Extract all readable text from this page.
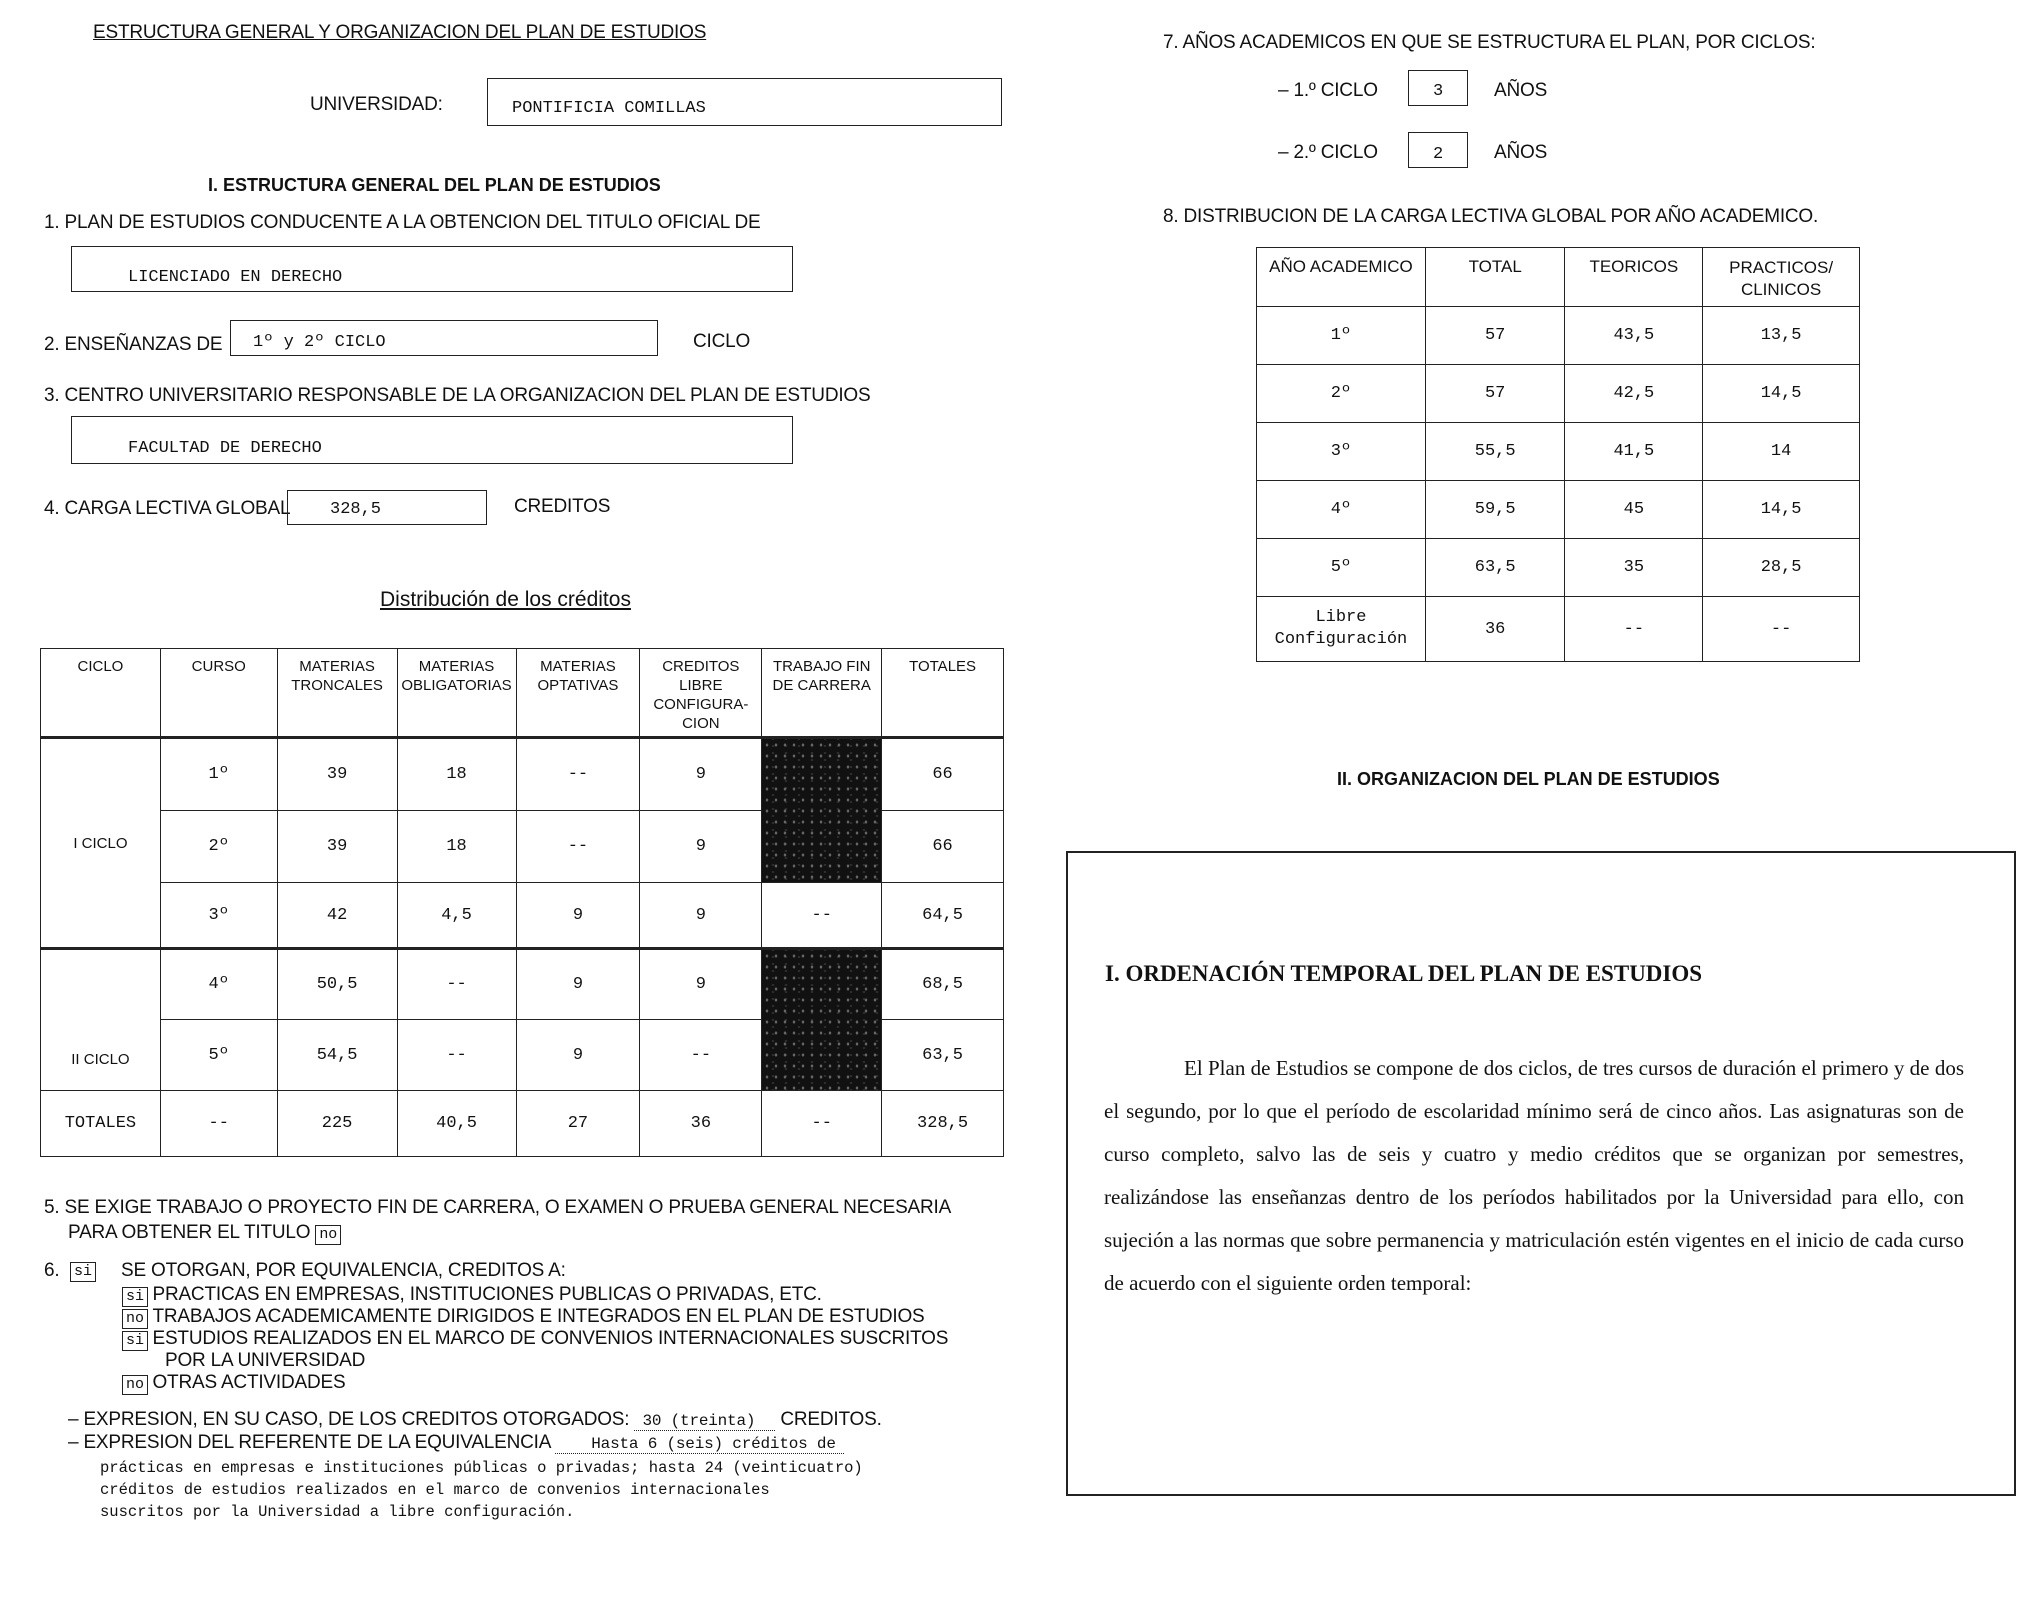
ESTRUCTURA GENERAL Y ORGANIZACION DEL PLAN DE ESTUDIOS
UNIVERSIDAD:	PONTIFICIA COMILLAS
I. ESTRUCTURA GENERAL DEL PLAN DE ESTUDIOS
1. PLAN DE ESTUDIOS CONDUCENTE A LA OBTENCION DEL TITULO OFICIAL DE
LICENCIADO EN DERECHO
2. ENSEÑANZAS DE 1º y 2º CICLO	CICLO
3. CENTRO UNIVERSITARIO RESPONSABLE DE LA ORGANIZACION DEL PLAN DE ESTUDIOS
FACULTAD DE DERECHO
4. CARGA LECTIVA GLOBAL 328,5	CREDITOS
Distribución de los créditos
CICLO	CURSO	MATERIAS TRONCALES	MATERIAS OBLIGATORIAS	MATERIAS OPTATIVAS	CREDITOS LIBRE CONFIGURA-CION	TRABAJO FIN DE CARRERA	TOTALES
I CICLO	1º	39	18	--	9		66
	2º	39	18	--	9		66
	3º	42	4,5	9	9	--	64,5
II CICLO	4º	50,5	--	9	9		68,5
	5º	54,5	--	9	--		63,5
TOTALES	--	225	40,5	27	36	--	328,5
5. SE EXIGE TRABAJO O PROYECTO FIN DE CARRERA, O EXAMEN O PRUEBA GENERAL NECESARIA
PARA OBTENER EL TITULO no
6. si SE OTORGAN, POR EQUIVALENCIA, CREDITOS A:
si PRACTICAS EN EMPRESAS, INSTITUCIONES PUBLICAS O PRIVADAS, ETC.
no TRABAJOS ACADEMICAMENTE DIRIGIDOS E INTEGRADOS EN EL PLAN DE ESTUDIOS
si ESTUDIOS REALIZADOS EN EL MARCO DE CONVENIOS INTERNACIONALES SUSCRITOS
POR LA UNIVERSIDAD
no OTRAS ACTIVIDADES
– EXPRESION, EN SU CASO, DE LOS CREDITOS OTORGADOS: 30 (treinta) CREDITOS.
– EXPRESION DEL REFERENTE DE LA EQUIVALENCIA	Hasta 6 (seis) créditos de
prácticas en empresas e instituciones públicas o privadas; hasta 24 (veinticuatro)
créditos de estudios realizados en el marco de convenios internacionales
suscritos por la Universidad a libre configuración.
7. AÑOS ACADEMICOS EN QUE SE ESTRUCTURA EL PLAN, POR CICLOS:
– 1.º CICLO	3	AÑOS
– 2.º CICLO	2	AÑOS
8. DISTRIBUCION DE LA CARGA LECTIVA GLOBAL POR AÑO ACADEMICO.
AÑO ACADEMICO	TOTAL	TEORICOS	PRACTICOS/ CLINICOS
1º	57	43,5	13,5
2º	57	42,5	14,5
3º	55,5	41,5	14
4º	59,5	45	14,5
5º	63,5	35	28,5
Libre Configuración	36	--	--
II. ORGANIZACION DEL PLAN DE ESTUDIOS
I. ORDENACIÓN TEMPORAL DEL PLAN DE ESTUDIOS
El Plan de Estudios se compone de dos ciclos, de tres cursos de duración el primero y de dos el segundo, por lo que el período de escolaridad mínimo será de cinco años. Las asignaturas son de curso completo, salvo las de seis y cuatro y medio créditos que se organizan por semestres, realizándose las enseñanzas dentro de los períodos habilitados por la Universidad para ello, con sujeción a las normas que sobre permanencia y matriculación estén vigentes en el inicio de cada curso de acuerdo con el siguiente orden temporal:
